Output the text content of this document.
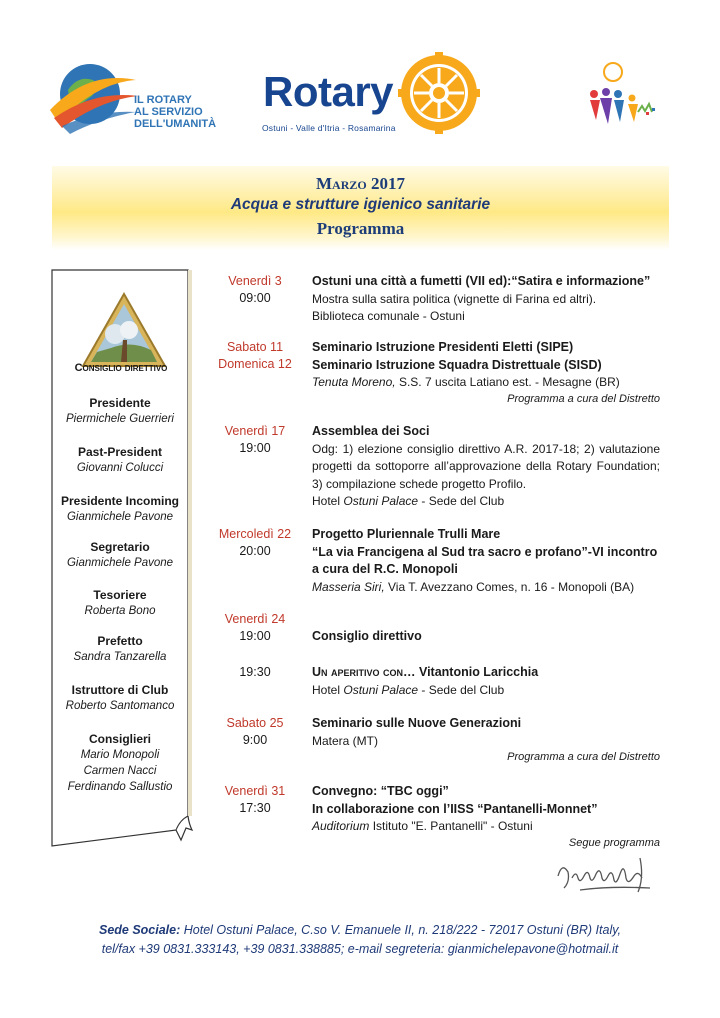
IL ROTARY
AL SERVIZIO
DELL'UMANITÀ
Rotary
Ostuni - Valle d'Itria - Rosamarina
Marzo 2017
Acqua e strutture igienico sanitarie
Programma
Consiglio direttivo
Presidente
Piermichele Guerrieri
Past-President
Giovanni Colucci
Presidente Incoming
Gianmichele Pavone
Segretario
Gianmichele Pavone
Tesoriere
Roberta Bono
Prefetto
Sandra Tanzarella
Istruttore di Club
Roberto Santomanco
Consiglieri
Mario Monopoli
Carmen Nacci
Ferdinando Sallustio
Venerdì 3
09:00
Ostuni una città a fumetti (VII ed):“Satira e informazione”
Mostra sulla satira politica (vignette di Farina ed altri).
Biblioteca comunale - Ostuni
Sabato 11
Domenica 12
Seminario Istruzione Presidenti Eletti (SIPE)
Seminario Istruzione Squadra Distrettuale (SISD)
Tenuta Moreno, S.S. 7 uscita Latiano est. - Mesagne (BR)
Programma a cura del Distretto
Venerdì 17
19:00
Assemblea dei Soci
Odg: 1) elezione consiglio direttivo A.R. 2017-18; 2) valutazione progetti da sottoporre all’approvazione della Rotary Foundation; 3) compilazione schede progetto Profilo.
Hotel Ostuni Palace - Sede del Club
Mercoledì 22
20:00
Progetto Pluriennale Trulli Mare
“La via Francigena al Sud tra sacro e profano”-VI incontro a cura del R.C. Monopoli
Masseria Siri, Via T. Avezzano Comes, n. 16 - Monopoli (BA)
Venerdì 24
19:00	Consiglio direttivo
19:30	Un aperitivo con… Vitantonio Laricchia
Hotel Ostuni Palace - Sede del Club
Sabato 25
9:00
Seminario sulle Nuove Generazioni
Matera (MT)
Programma a cura del Distretto
Venerdì 31
17:30
Convegno: “TBC oggi”
In collaborazione con l’IISS “Pantanelli-Monnet”
Auditorium Istituto "E. Pantanelli" - Ostuni
Segue programma
Sede Sociale: Hotel Ostuni Palace, C.so V. Emanuele II, n. 218/222 - 72017 Ostuni (BR) Italy,
tel/fax +39 0831.333143, +39 0831.338885; e-mail segreteria: gianmichelepavone@hotmail.it
